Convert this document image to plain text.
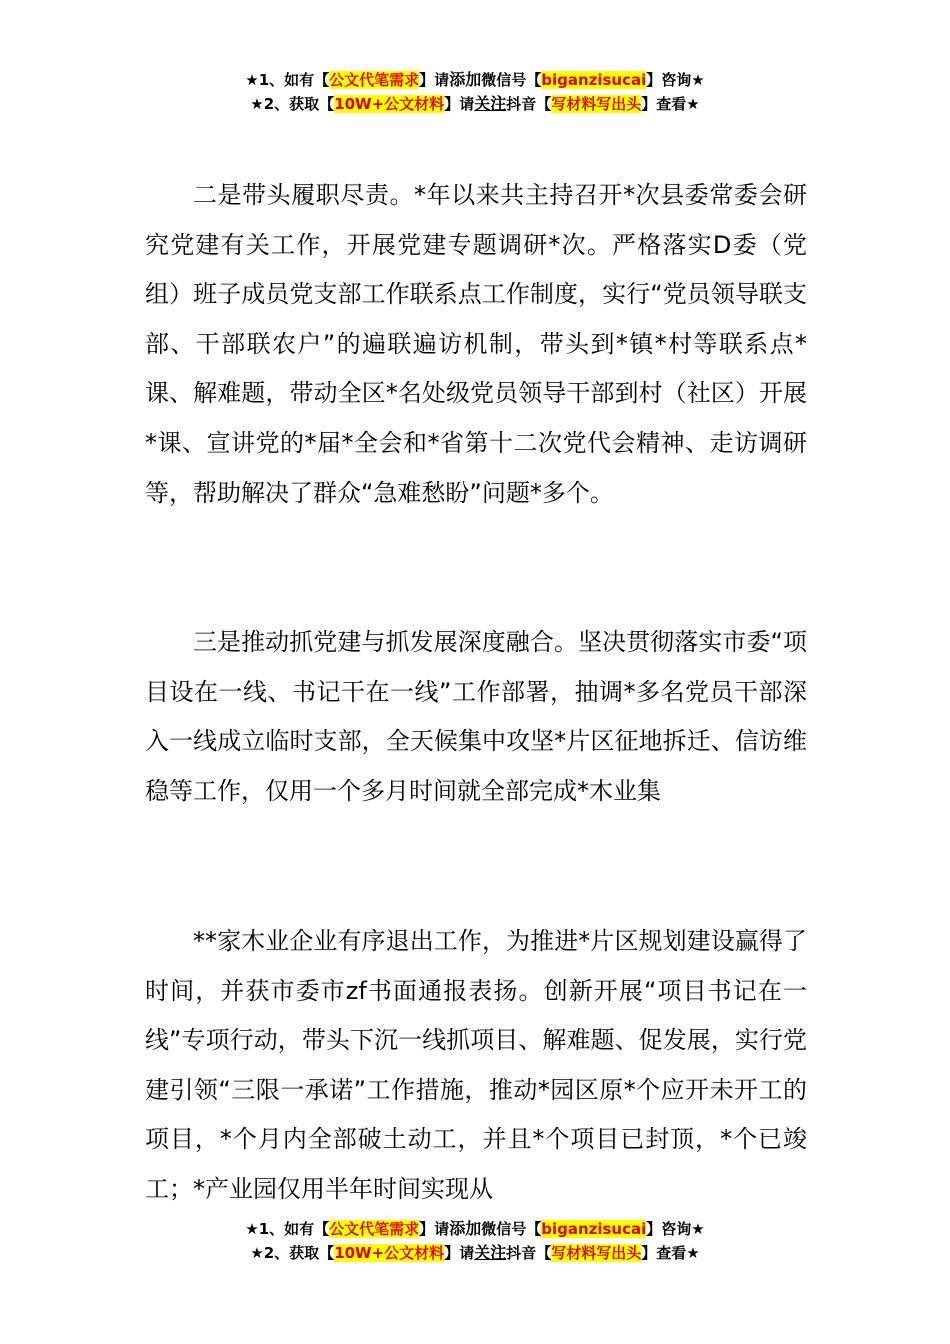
★1、如有【公文代笔需求】请添加微信号【biganzisucai】咨询★
★2、获取【10W+公文材料】请关注抖音【写材料写出头】查看★

二是带头履职尽责。*年以来共主持召开*次县委常委会研究党建有关工作，开展党建专题调研*次。严格落实D委（党组）班子成员党支部工作联系点工作制度，实行“党员领导联支部、干部联农户”的遍联遍访机制，带头到*镇*村等联系点*课、解难题，带动全区*名处级党员领导干部到村（社区）开展*课、宣讲党的*届*全会和*省第十二次党代会精神、走访调研等，帮助解决了群众“急难愁盼”问题*多个。

三是推动抓党建与抓发展深度融合。坚决贯彻落实市委“项目设在一线、书记干在一线”工作部署，抽调*多名党员干部深入一线成立临时支部，全天候集中攻坚*片区征地拆迁、信访维稳等工作，仅用一个多月时间就全部完成*木业集

**家木业企业有序退出工作，为推进*片区规划建设赢得了时间，并获市委市zf书面通报表扬。创新开展“项目书记在一线”专项行动，带头下沉一线抓项目、解难题、促发展，实行党建引领“三限一承诺”工作措施，推动*园区原*个应开未开工的项目，*个月内全部破土动工，并且*个项目已封顶，*个已竣工；*产业园仅用半年时间实现从

★1、如有【公文代笔需求】请添加微信号【biganzisucai】咨询★
★2、获取【10W+公文材料】请关注抖音【写材料写出头】查看★
